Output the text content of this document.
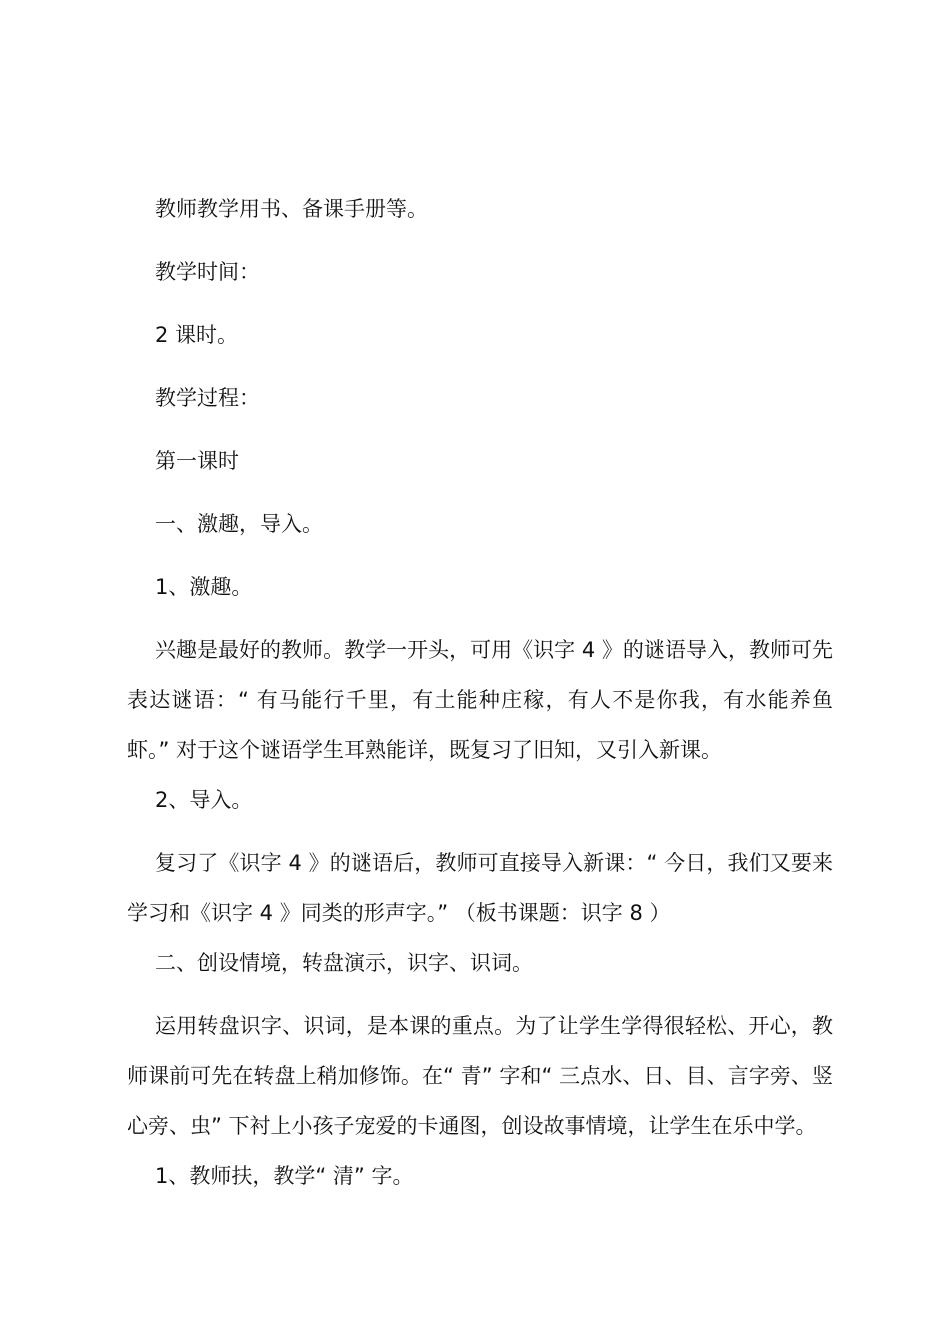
教师教学用书、备课手册等。

教学时间：

2 课时。

教学过程：

第一课时

一、激趣，导入。

1、激趣。

兴趣是最好的教师。教学一开头，可用《识字 4 》的谜语导入，教师可先表达谜语：“ 有马能行千里，有土能种庄稼，有人不是你我，有水能养鱼虾。” 对于这个谜语学生耳熟能详，既复习了旧知，又引入新课。

2、导入。

复习了《识字 4 》的谜语后，教师可直接导入新课：“ 今日，我们又要来学习和《识字 4 》同类的形声字。” （板书课题：识字 8 ）

二、创设情境，转盘演示，识字、识词。

运用转盘识字、识词，是本课的重点。为了让学生学得很轻松、开心，教师课前可先在转盘上稍加修饰。在“ 青” 字和“ 三点水、日、目、言字旁、竖心旁、虫” 下衬上小孩子宠爱的卡通图，创设故事情境，让学生在乐中学。

1、教师扶，教学“ 清” 字。
